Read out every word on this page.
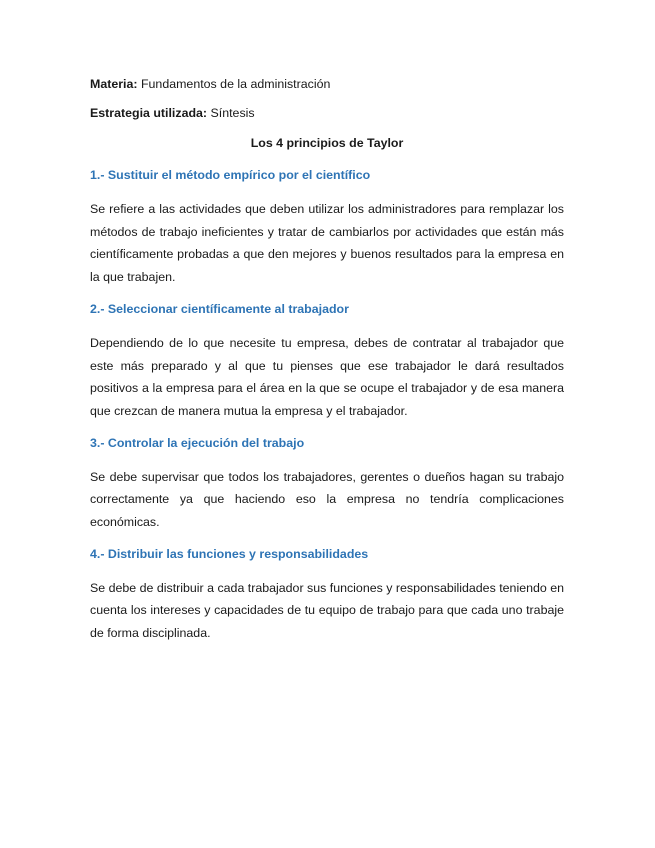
Materia: Fundamentos de la administración

Estrategia utilizada: Síntesis

Los 4 principios de Taylor
1.- Sustituir el método empírico por el científico

Se refiere a las actividades que deben utilizar los administradores para remplazar los métodos de trabajo ineficientes y tratar de cambiarlos por actividades que están más científicamente probadas a que den mejores y buenos resultados para la empresa en la que trabajen.

2.- Seleccionar científicamente al trabajador

Dependiendo de lo que necesite tu empresa, debes de contratar al trabajador que este más preparado y al que tu pienses que ese trabajador le dará resultados positivos a la empresa para el área en la que se ocupe el trabajador y de esa manera que crezcan de manera mutua la empresa y el trabajador.

3.- Controlar la ejecución del trabajo

Se debe supervisar que todos los trabajadores, gerentes o dueños hagan su trabajo correctamente ya que haciendo eso la empresa no tendría complicaciones económicas.

4.- Distribuir las funciones y responsabilidades

Se debe de distribuir a cada trabajador sus funciones y responsabilidades teniendo en cuenta los intereses y capacidades de tu equipo de trabajo para que cada uno trabaje de forma disciplinada.
